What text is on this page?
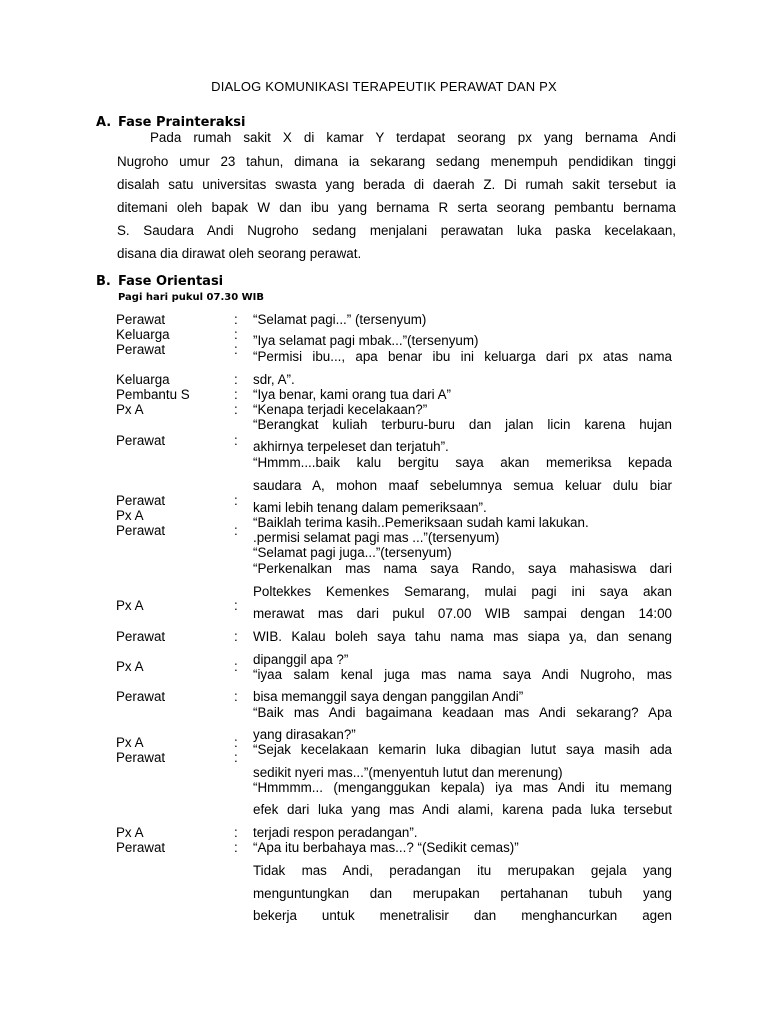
DIALOG KOMUNIKASI TERAPEUTIK PERAWAT DAN PX
A. Fase Prainteraksi
Pada rumah sakit X di kamar Y terdapat seorang px yang bernama Andi
Nugroho umur 23 tahun, dimana ia sekarang sedang menempuh pendidikan tinggi
disalah satu universitas swasta yang berada di daerah Z. Di rumah sakit tersebut ia
ditemani oleh bapak W dan ibu yang bernama R serta seorang pembantu bernama
S. Saudara Andi Nugroho sedang menjalani perawatan luka paska kecelakaan,
disana dia dirawat oleh seorang perawat.
B. Fase Orientasi
Pagi hari pukul 07.30 WIB
Perawat
Keluarga
Perawat
Keluarga
Pembantu S
Px A
Perawat
Perawat
Px A
Perawat
Px A
Perawat
Px A
Perawat
Px A
Perawat
Px A
Perawat
:
:
:
:
:
:
:
:
:
:
:
:
:
:
:
:
:
“Selamat pagi...” (tersenyum)
”Iya selamat pagi mbak...”(tersenyum)
“Permisi ibu..., apa benar ibu ini keluarga dari px atas nama
sdr, A”.
“Iya benar, kami orang tua dari A”
“Kenapa terjadi kecelakaan?”
“Berangkat kuliah terburu-buru dan jalan licin karena hujan
akhirnya terpeleset dan terjatuh”.
“Hmmm....baik kalu bergitu saya akan memeriksa kepada
saudara A, mohon maaf sebelumnya semua keluar dulu biar
kami lebih tenang dalam pemeriksaan”.
“Baiklah terima kasih..Pemeriksaan sudah kami lakukan.
.permisi selamat pagi mas ...”(tersenyum)
“Selamat pagi juga...”(tersenyum)
“Perkenalkan mas nama saya Rando, saya mahasiswa dari
Poltekkes Kemenkes Semarang, mulai pagi ini saya akan
merawat mas dari pukul 07.00 WIB sampai dengan 14:00
WIB. Kalau boleh saya tahu nama mas siapa ya, dan senang
dipanggil apa ?”
“iyaa salam kenal juga mas nama saya Andi Nugroho, mas
bisa memanggil saya dengan panggilan Andi”
“Baik mas Andi bagaimana keadaan mas Andi sekarang? Apa
yang dirasakan?”
“Sejak kecelakaan kemarin luka dibagian lutut saya masih ada
sedikit nyeri mas...”(menyentuh lutut dan merenung)
“Hmmmm... (menganggukan kepala) iya mas Andi itu memang
efek dari luka yang mas Andi alami, karena pada luka tersebut
terjadi respon peradangan”.
“Apa itu berbahaya mas...? “(Sedikit cemas)”
Tidak mas Andi, peradangan itu merupakan gejala yang
menguntungkan dan merupakan pertahanan tubuh yang
bekerja untuk menetralisir dan menghancurkan agen
